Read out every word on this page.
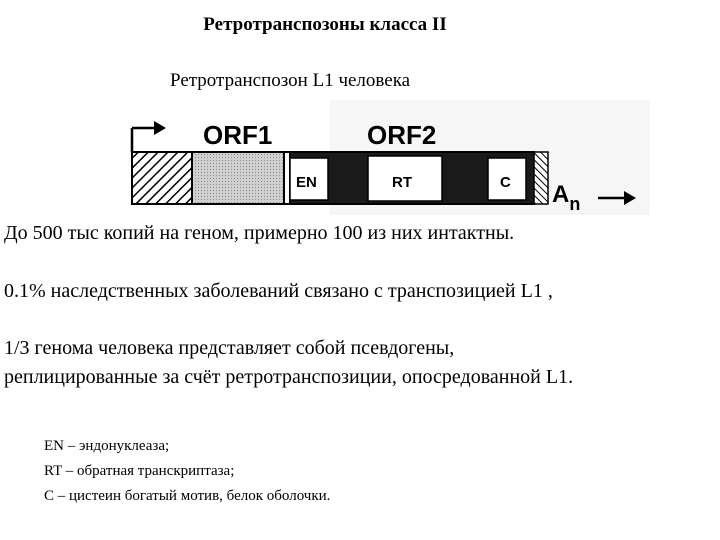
Ретротранспозоны класса II
Ретротранспозон L1 человека
ORF1	ORF2
EN	RT	C $A_n$
До 500 тыс копий на геном, примерно 100 из них интактны.
0.1% наследственных заболеваний связано с транспозицией L1 ,
1/3 генома человека представляет собой псевдогены,
реплицированные за счёт ретротранспозиции, опосредованной L1.
EN – эндонуклеаза;
RT – обратная транскриптаза;
C – цистеин богатый мотив, белок оболочки.
